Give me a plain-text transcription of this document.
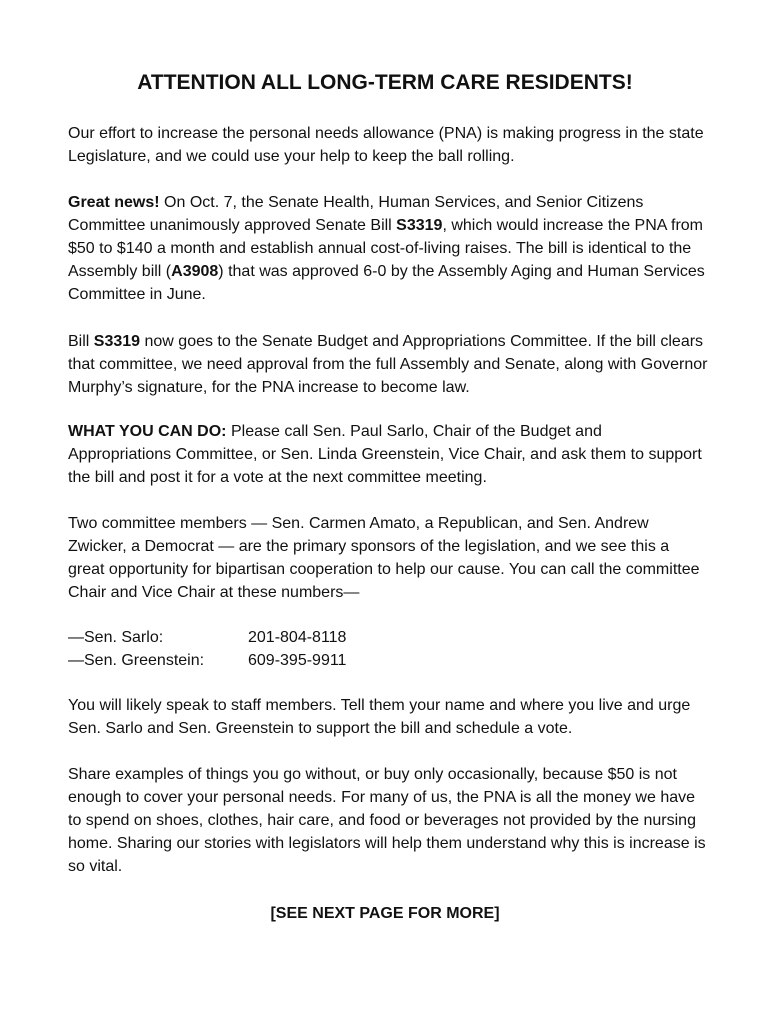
ATTENTION ALL LONG-TERM CARE RESIDENTS!

Our effort to increase the personal needs allowance (PNA) is making progress in the state Legislature, and we could use your help to keep the ball rolling.

Great news! On Oct. 7, the Senate Health, Human Services, and Senior Citizens Committee unanimously approved Senate Bill S3319, which would increase the PNA from $50 to $140 a month and establish annual cost-of-living raises. The bill is identical to the Assembly bill (A3908) that was approved 6-0 by the Assembly Aging and Human Services Committee in June.

Bill S3319 now goes to the Senate Budget and Appropriations Committee. If the bill clears that committee, we need approval from the full Assembly and Senate, along with Governor Murphy’s signature, for the PNA increase to become law.

WHAT YOU CAN DO: Please call Sen. Paul Sarlo, Chair of the Budget and Appropriations Committee, or Sen. Linda Greenstein, Vice Chair, and ask them to support the bill and post it for a vote at the next committee meeting.

Two committee members — Sen. Carmen Amato, a Republican, and Sen. Andrew Zwicker, a Democrat — are the primary sponsors of the legislation, and we see this a great opportunity for bipartisan cooperation to help our cause. You can call the committee Chair and Vice Chair at these numbers—

—Sen. Sarlo:	201-804-8118
—Sen. Greenstein:	609-395-9911

You will likely speak to staff members. Tell them your name and where you live and urge Sen. Sarlo and Sen. Greenstein to support the bill and schedule a vote.

Share examples of things you go without, or buy only occasionally, because $50 is not enough to cover your personal needs. For many of us, the PNA is all the money we have to spend on shoes, clothes, hair care, and food or beverages not provided by the nursing home. Sharing our stories with legislators will help them understand why this is increase is so vital.

[SEE NEXT PAGE FOR MORE]
